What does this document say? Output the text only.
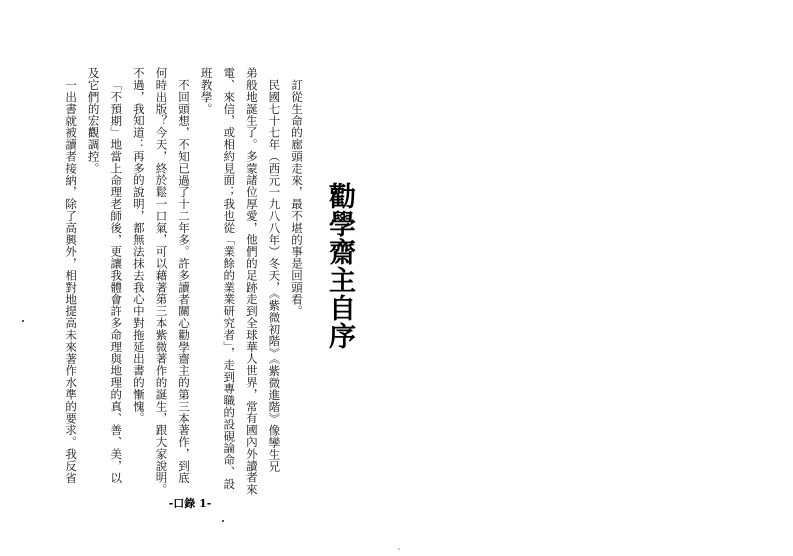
勸學齋主自序
訂從生命的廊頭走來，最不堪的事是回頭看。
民國七十七年（西元一九八八年）冬天，《紫微初階》《紫微進階》像孿生兄
弟般地誕生了。多蒙諸位厚愛，他們的足跡走到全球華人世界，常有國內外讀者來
電、來信，或相約見面；我也從「業餘的業業研究者」，走到專職的設硯論命、設
班教學。
不回頭想，不知已過了十二年多。許多讀者關心勸學齋主的第三本著作，到底
何時出版？今天，終於鬆一口氣，可以藉著第三本紫微著作的誕生，跟大家說明。
不過，我知道：再多的說明，都無法抹去我心中對拖延出書的慚愧。
「不預期」地當上命理老師後，更讓我體會許多命理與地理的真、善、美，以
及它們的宏觀調控。
一出書就被讀者接納，除了高興外，相對地提高未來著作水準的要求。我反省
-口錄 1-
